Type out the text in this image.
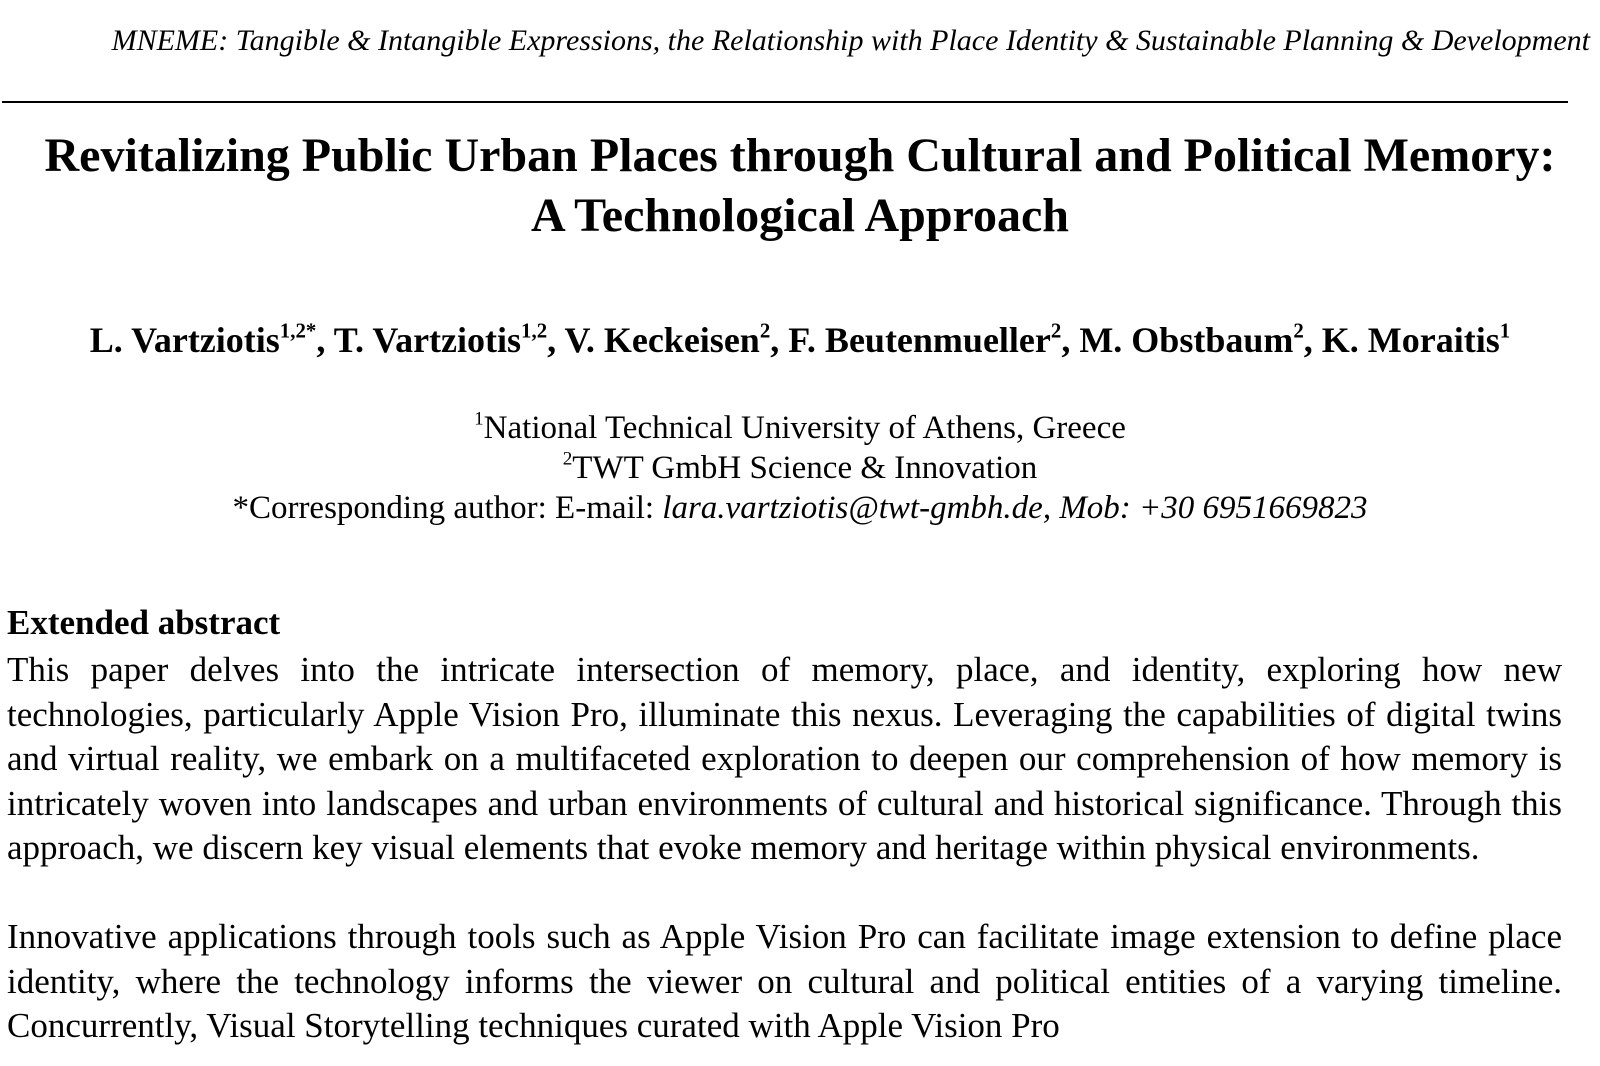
MNEME: Tangible & Intangible Expressions, the Relationship with Place Identity & Sustainable Planning & Development
Revitalizing Public Urban Places through Cultural and Political Memory: A Technological Approach
L. Vartziotis$^{1,2*}$, T. Vartziotis$^{1,2}$, V. Keckeisen$^2$, F. Beutenmueller$^2$, M. Obstbaum$^2$, K. Moraitis$^1$
$^1$National Technical University of Athens, Greece
$^2$TWT GmbH Science & Innovation
*Corresponding author: E-mail: lara.vartziotis@twt-gmbh.de, Mob: +30 6951669823
Extended abstract

This paper delves into the intricate intersection of memory, place, and identity, exploring how new technologies, particularly Apple Vision Pro, illuminate this nexus. Leveraging the capabilities of digital twins and virtual reality, we embark on a multifaceted exploration to deepen our comprehension of how memory is intricately woven into landscapes and urban environments of cultural and historical significance. Through this approach, we discern key visual elements that evoke memory and heritage within physical environments.

Innovative applications through tools such as Apple Vision Pro can facilitate image extension to define place identity, where the technology informs the viewer on cultural and political entities of a varying timeline. Concurrently, Visual Storytelling techniques curated with Apple Vision Pro
